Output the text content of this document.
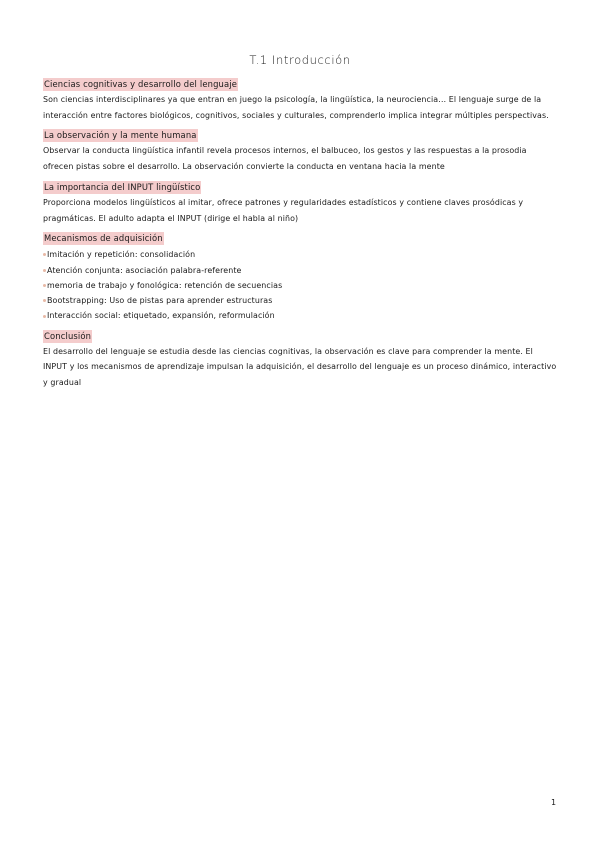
T.1 Introducción
Ciencias cognitivas y desarrollo del lenguaje

Son ciencias interdisciplinares ya que entran en juego la psicología, la lingüística, la neurociencia… El lenguaje surge de la interacción entre factores biológicos, cognitivos, sociales y culturales, comprenderlo implica integrar múltiples perspectivas.

La observación y la mente humana

Observar la conducta lingüística infantil revela procesos internos, el balbuceo, los gestos y las respuestas a la prosodia ofrecen pistas sobre el desarrollo. La observación convierte la conducta en ventana hacia la mente

La importancia del INPUT lingüístico

Proporciona modelos lingüísticos al imitar, ofrece patrones y regularidades estadísticos y contiene claves prosódicas y pragmáticas. El adulto adapta el INPUT (dirige el habla al niño)

Mecanismos de adquisición
Imitación y repetición: consolidación
Atención conjunta: asociación palabra-referente
memoria de trabajo y fonológica: retención de secuencias
Bootstrapping: Uso de pistas para aprender estructuras
Interacción social: etiquetado, expansión, reformulación
Conclusión

El desarrollo del lenguaje se estudia desde las ciencias cognitivas, la observación es clave para comprender la mente. El INPUT y los mecanismos de aprendizaje impulsan la adquisición, el desarrollo del lenguaje es un proceso dinámico, interactivo y gradual

1
